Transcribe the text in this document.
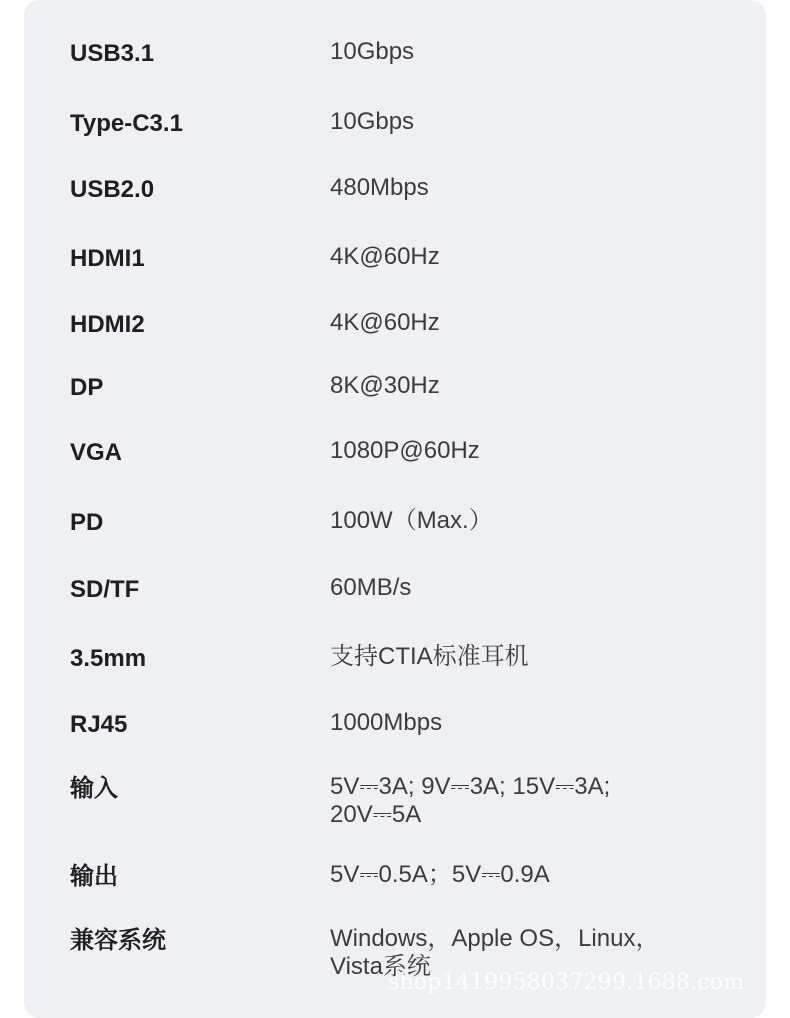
USB3.1	10Gbps
Type-C3.1	10Gbps
USB2.0	480Mbps
HDMI1	4K@60Hz
HDMI2	4K@60Hz
DP	8K@30Hz
VGA	1080P@60Hz
PD	100W（Max.）
SD/TF	60MB/s
3.5mm	支持CTIA标准耳机
RJ45	1000Mbps
输入	5V⎓3A; 9V⎓3A; 15V⎓3A;
20V⎓5A
输出	5V⎓0.5A；5V⎓0.9A
兼容系统	Windows，Apple OS，Linux，
Vista系统
shop1419958037299.1688.com
